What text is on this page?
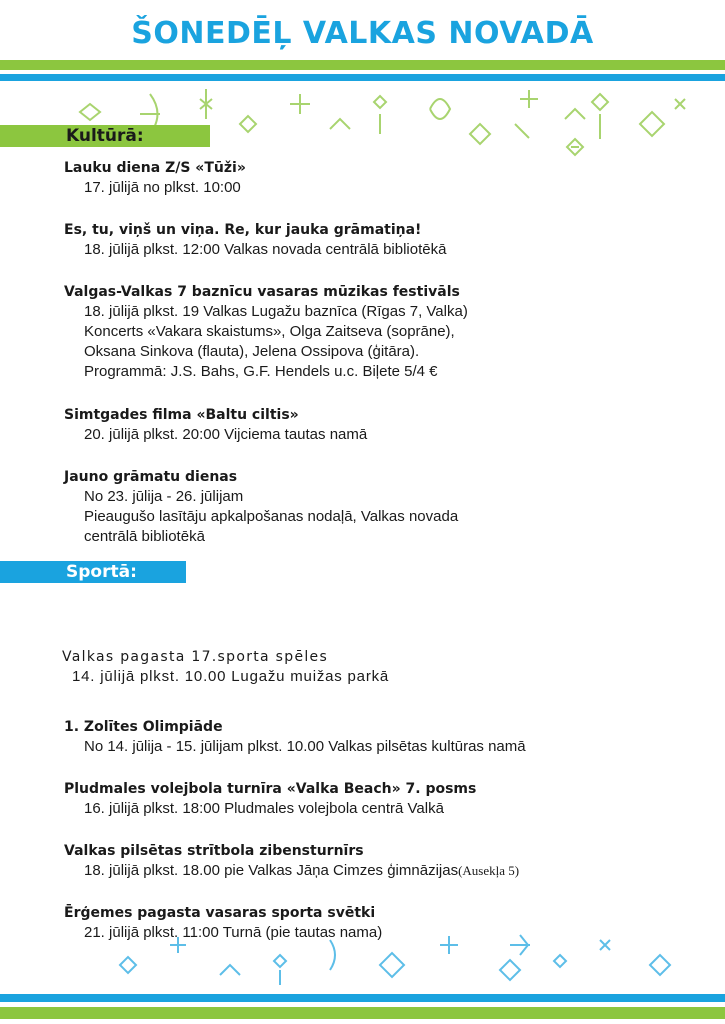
ŠONEDĒĻ VALKAS NOVADĀ
Kultūrā:
Lauku diena Z/S «Tūži»
17. jūlijā no plkst. 10:00
Es, tu, viņš un viņa. Re, kur jauka grāmatiņa!
18. jūlijā plkst. 12:00 Valkas novada centrālā bibliotēkā
Valgas-Valkas 7 baznīcu vasaras mūzikas festivāls
18. jūlijā plkst. 19 Valkas Lugažu baznīca (Rīgas 7, Valka)
Koncerts «Vakara skaistums», Olga Zaitseva (soprāne),
Oksana Sinkova (flauta), Jelena Ossipova (ģitāra).
Programmā: J.S. Bahs, G.F. Hendels u.c. Biļete 5/4 €
Simtgades filma «Baltu ciltis»
20. jūlijā plkst. 20:00 Vijciema tautas namā
Jauno grāmatu dienas
No 23. jūlija - 26. jūlijam
Pieaugušo lasītāju apkalpošanas nodaļā, Valkas novada
centrālā bibliotēkā
Sportā:
Valkas pagasta 17.sporta spēles
14. jūlijā plkst. 10.00 Lugažu muižas parkā
1. Zolītes Olimpiāde
No 14. jūlija - 15. jūlijam plkst. 10.00 Valkas pilsētas kultūras namā
Pludmales volejbola turnīra «Valka Beach» 7. posms
16. jūlijā plkst. 18:00 Pludmales volejbola centrā Valkā
Valkas pilsētas strītbola zibensturnīrs
18. jūlijā plkst. 18.00 pie Valkas Jāņa Cimzes ģimnāzijas(Ausekļa 5)
Ērģemes pagasta vasaras sporta svētki
21. jūlijā plkst. 11:00 Turnā (pie tautas nama)
